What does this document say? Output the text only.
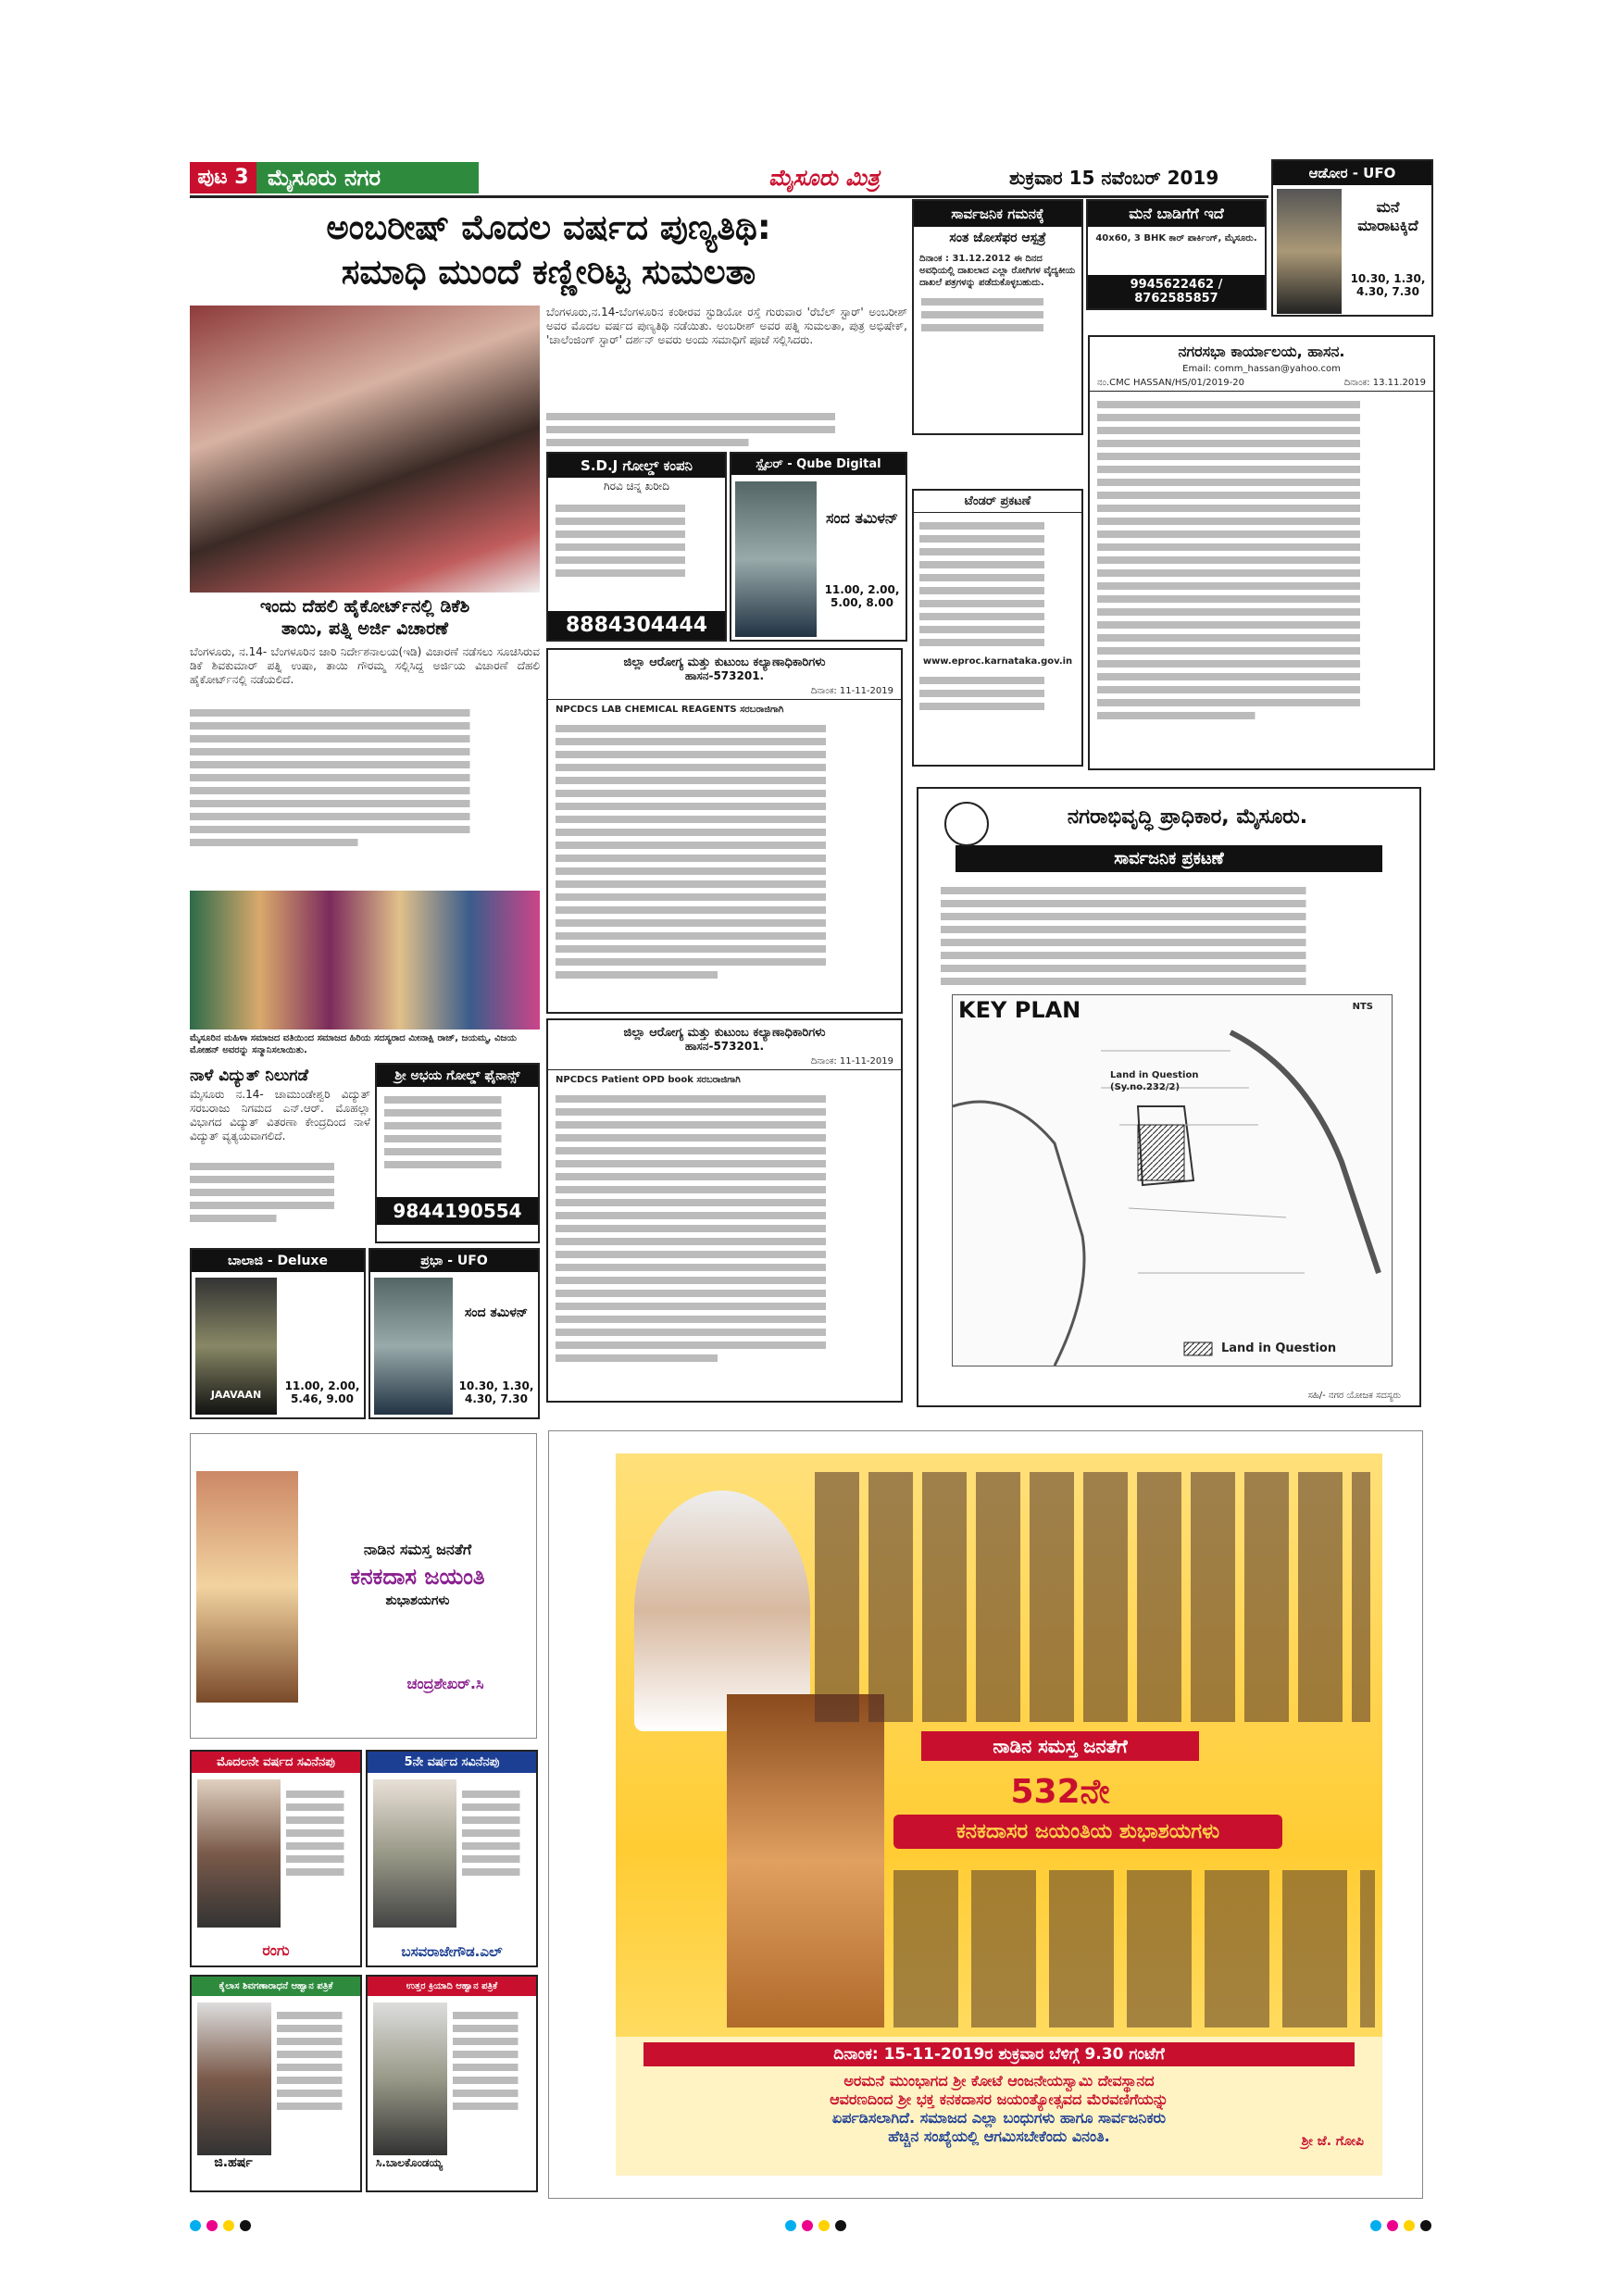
ಪುಟ 3 ಮೈಸೂರು ನಗರ	ಮೈಸೂರು ಮಿತ್ರ	ಶುಕ್ರವಾರ 15 ನವೆಂಬರ್ 2019
ಅಂಬರೀಷ್ ಮೊದಲ ವರ್ಷದ ಪುಣ್ಯತಿಥಿ:
ಸಮಾಧಿ ಮುಂದೆ ಕಣ್ಣೀರಿಟ್ಟ ಸುಮಲತಾ
ಬೆಂಗಳೂರು,ನ.14-ಬೆಂಗಳೂರಿನ ಕಂಠೀರವ ಸ್ಟುಡಿಯೋ ರಸ್ತೆ ಗುರುವಾರ 'ರೆಬೆಲ್ ಸ್ಟಾರ್' ಅಂಬರೀಶ್ ಅವರ ಮೊದಲ ವರ್ಷದ ಪುಣ್ಯತಿಥಿ ನಡೆಯಿತು. ಅಂಬರೀಶ್ ಅವರ ಪತ್ನಿ ಸುಮಲತಾ, ಪುತ್ರ ಅಭಿಷೇಕ್, 'ಚಾಲೆಂಜಿಂಗ್ ಸ್ಟಾರ್' ದರ್ಶನ್ ಅವರು ಅಂದು ಸಮಾಧಿಗೆ ಪೂಜೆ ಸಲ್ಲಿಸಿದರು.
S.D.J ಗೋಲ್ಡ್ ಕಂಪನಿ
ಗಿರವಿ ಚಿನ್ನ ಖರೀದಿ
8884304444
ಸ್ಪೈಲರ್ - Qube Digital
ಸಂದ ತಮಿಳನ್
11.00, 2.00, 5.00, 8.00
ಇಂದು ದೆಹಲಿ ಹೈಕೋರ್ಟ್‌ನಲ್ಲಿ ಡಿಕೆಶಿ
ತಾಯಿ, ಪತ್ನಿ ಅರ್ಜಿ ವಿಚಾರಣೆ
ಬೆಂಗಳೂರು, ನ.14- ಬೆಂಗಳೂರಿನ ಜಾರಿ ನಿರ್ದೇಶನಾಲಯ(ಇಡಿ) ವಿಚಾರಣೆ ನಡೆಸಲು ಸೂಚಿಸಿರುವ ಡಿಕೆ ಶಿವಕುಮಾರ್ ಪತ್ನಿ ಉಷಾ, ತಾಯಿ ಗೌರಮ್ಮ ಸಲ್ಲಿಸಿದ್ದ ಅರ್ಜಿಯ ವಿಚಾರಣೆ ದೆಹಲಿ ಹೈಕೋರ್ಟ್‌ನಲ್ಲಿ ನಡೆಯಲಿದೆ.
ಮೈಸೂರಿನ ಮಹಿಳಾ ಸಮಾಜದ ವತಿಯಿಂದ ಸಮಾಜದ ಹಿರಿಯ ಸದಸ್ಯರಾದ ಮೀನಾಕ್ಷಿ ರಾಜ್, ಜಯಮ್ಮ, ವಿಜಯ ಮೋಹನ್ ಅವರನ್ನು ಸನ್ಮಾನಿಸಲಾಯಿತು.
ನಾಳೆ ವಿದ್ಯುತ್ ನಿಲುಗಡೆ
ಮೈಸೂರು ನ.14- ಚಾಮುಂಡೇಶ್ವರಿ ವಿದ್ಯುತ್ ಸರಬರಾಜು ನಿಗಮದ ಎನ್.ಆರ್. ಮೊಹಲ್ಲಾ ವಿಭಾಗದ ವಿದ್ಯುತ್ ವಿತರಣಾ ಕೇಂದ್ರದಿಂದ ನಾಳೆ ವಿದ್ಯುತ್ ವ್ಯತ್ಯಯವಾಗಲಿದೆ.
ಶ್ರೀ ಅಭಯ ಗೋಲ್ಡ್ ಫೈನಾನ್ಸ್
9844190554
ಬಾಲಾಜಿ - Deluxe
JAAVAAN
11.00, 2.00, 5.46, 9.00
ಪ್ರಭಾ - UFO
ಸಂದ ತಮಿಳನ್
10.30, 1.30, 4.30, 7.30
ಸಾರ್ವಜನಿಕ ಗಮನಕ್ಕೆ
ಸಂತ ಜೋಸೆಫರ ಆಸ್ಪತ್ರೆ
ದಿನಾಂಕ : 31.12.2012 ಈ ದಿನದ ಅವಧಿಯಲ್ಲಿ ದಾಖಲಾದ ಎಲ್ಲಾ ರೋಗಿಗಳ ವೈದ್ಯಕೀಯ ದಾಖಲೆ ಪತ್ರಗಳನ್ನು ಪಡೆದುಕೊಳ್ಳಬಹುದು.
ಮನೆ ಬಾಡಿಗೆಗೆ ಇದೆ
40x60, 3 BHK ಕಾರ್ ಪಾರ್ಕಿಂಗ್, ಮೈಸೂರು.
9945622462 / 8762585857
ಆಡೋರ - UFO
ಮನೆ ಮಾರಾಟಕ್ಕಿದೆ
10.30, 1.30, 4.30, 7.30
ನಗರಸಭಾ ಕಾರ್ಯಾಲಯ, ಹಾಸನ.
Email: comm_hassan@yahoo.com
ನಂ.CMC HASSAN/HS/01/2019-20	ದಿನಾಂಕ: 13.11.2019
ಟೆಂಡರ್ ಪ್ರಕಟಣೆ
www.eproc.karnataka.gov.in
ಜಿಲ್ಲಾ ಆರೋಗ್ಯ ಮತ್ತು ಕುಟುಂಬ ಕಲ್ಯಾಣಾಧಿಕಾರಿಗಳು
ಹಾಸನ-573201.
ದಿನಾಂಕ: 11-11-2019
NPCDCS LAB CHEMICAL REAGENTS ಸರಬರಾಜಿಗಾಗಿ
ಜಿಲ್ಲಾ ಆರೋಗ್ಯ ಮತ್ತು ಕುಟುಂಬ ಕಲ್ಯಾಣಾಧಿಕಾರಿಗಳು
ಹಾಸನ-573201.
ದಿನಾಂಕ: 11-11-2019
NPCDCS Patient OPD book ಸರಬರಾಜಿಗಾಗಿ
ನಗರಾಭಿವೃದ್ಧಿ ಪ್ರಾಧಿಕಾರ, ಮೈಸೂರು.
ಸಾರ್ವಜನಿಕ ಪ್ರಕಟಣೆ
KEY PLAN	NTS
Land in Question (Sy.no.232/2)
Land in Question
ಸಹಿ/- ನಗರ ಯೋಜಕ ಸದಸ್ಯರು
ನಾಡಿನ ಸಮಸ್ತ ಜನತೆಗೆ
ಕನಕದಾಸ ಜಯಂತಿ
ಶುಭಾಶಯಗಳು
ಚಂದ್ರಶೇಖರ್.ಸಿ
ಮೊದಲನೇ ವರ್ಷದ ಸವಿನೆನಪು
ರಂಗು
5ನೇ ವರ್ಷದ ಸವಿನೆನಪು
ಬಸವರಾಜೇಗೌಡ.ಎಲ್
ಕೈಲಾಸ ಶಿವಗಣಾರಾಧನೆ ಆಹ್ವಾನ ಪತ್ರಿಕೆ
ಜಿ.ಹರ್ಷ
ಉತ್ತರ ಕ್ರಿಯಾದಿ ಆಹ್ವಾನ ಪತ್ರಿಕೆ
ಸಿ.ಬಾಲಕೊಂಡಯ್ಯ
ನಾಡಿನ ಸಮಸ್ತ ಜನತೆಗೆ
532ನೇ
ಕನಕದಾಸರ ಜಯಂತಿಯ ಶುಭಾಶಯಗಳು
ದಿನಾಂಕ: 15-11-2019ರ ಶುಕ್ರವಾರ ಬೆಳಿಗ್ಗೆ 9.30 ಗಂಟೆಗೆ
ಅರಮನೆ ಮುಂಭಾಗದ ಶ್ರೀ ಕೋಟೆ ಆಂಜನೇಯಸ್ವಾಮಿ ದೇವಸ್ಥಾನದ
ಆವರಣದಿಂದ ಶ್ರೀ ಭಕ್ತ ಕನಕದಾಸರ ಜಯಂತ್ಯೋತ್ಸವದ ಮೆರವಣಿಗೆಯನ್ನು
ಏರ್ಪಡಿಸಲಾಗಿದೆ. ಸಮಾಜದ ಎಲ್ಲಾ ಬಂಧುಗಳು ಹಾಗೂ ಸಾರ್ವಜನಿಕರು
ಹೆಚ್ಚಿನ ಸಂಖ್ಯೆಯಲ್ಲಿ ಆಗಮಿಸಬೇಕೆಂದು ವಿನಂತಿ.	ಶ್ರೀ ಜೆ. ಗೋಪಿ
